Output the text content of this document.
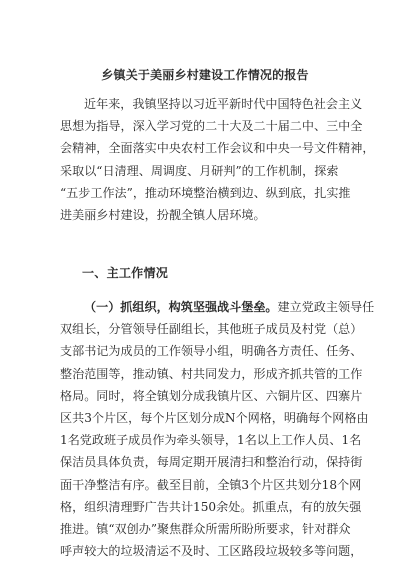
乡镇关于美丽乡村建设工作情况的报告
近年来，我镇坚持以习近平新时代中国特色社会主义
思想为指导，深入学习党的二十大及二十届二中、三中全
会精神，全面落实中央农村工作会议和中央一号文件精神，
采取以“日清理、周调度、月研判”的工作机制，探索
“五步工作法”，推动环境整治横到边、纵到底，扎实推
进美丽乡村建设，扮靓全镇人居环境。
一、主工作情况
（一）抓组织，构筑坚强战斗堡垒。建立党政主领导任
双组长，分管领导任副组长，其他班子成员及村党（总）
支部书记为成员的工作领导小组，明确各方责任、任务、
整治范围等，推动镇、村共同发力，形成齐抓共管的工作
格局。同时，将全镇划分成我镇片区、六铜片区、四寨片
区共3个片区，每个片区划分成N个网格，明确每个网格由
1名党政班子成员作为牵头领导，1名以上工作人员、1名
保洁员具体负责，每周定期开展清扫和整治行动，保持街
面干净整洁有序。截至目前，全镇3个片区共划分18个网
格，组织清理野广告共计150余处。抓重点，有的放矢强
推进。镇“双创办”聚焦群众所需所盼所要求，针对群众
呼声较大的垃圾清运不及时、工区路段垃圾较多等问题，
